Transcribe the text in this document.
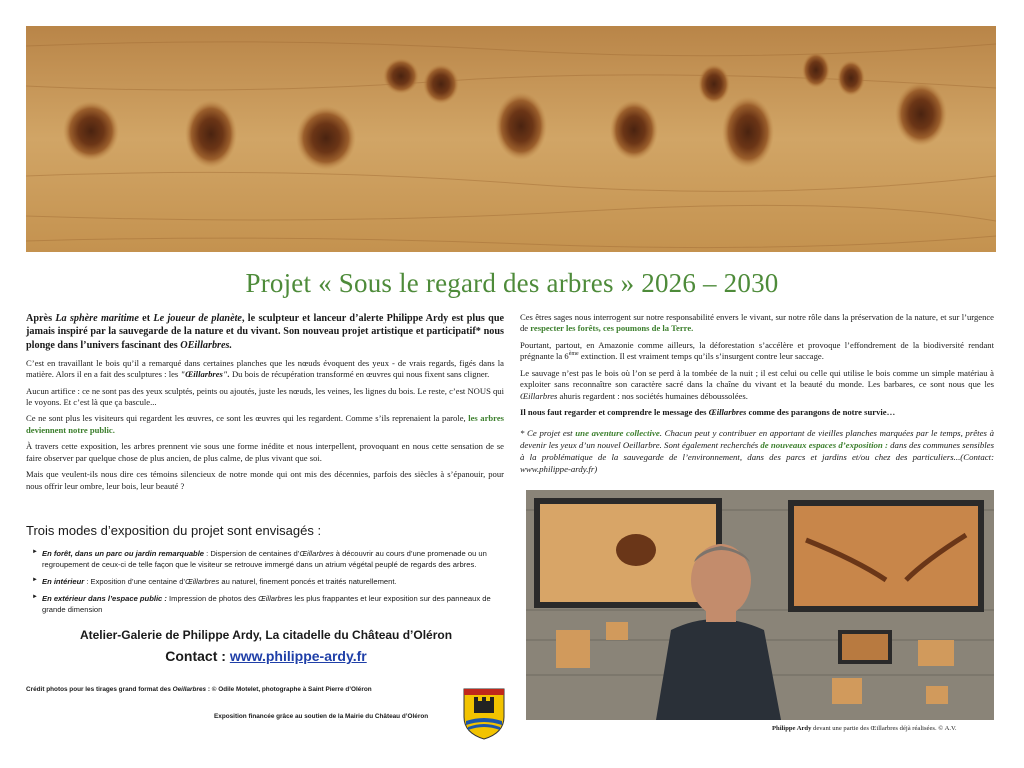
Projet « Sous le regard des arbres » 2026 – 2030

Après La sphère maritime et Le joueur de planète, le sculpteur et lanceur d’alerte Philippe Ardy est plus que jamais inspiré par la sauvegarde de la nature et du vivant. Son nouveau projet artistique et participatif* nous plonge dans l’univers fascinant des OEillarbres.

C’est en travaillant le bois qu’il a remarqué dans certaines planches que les nœuds évoquent des yeux - de vrais regards, figés dans la matière. Alors il en a fait des sculptures : les "Œillarbres". Du bois de récupération transformé en œuvres qui nous fixent sans cligner.

Aucun artifice : ce ne sont pas des yeux sculptés, peints ou ajoutés, juste les nœuds, les veines, les lignes du bois. Le reste, c’est NOUS qui le voyons. Et c’est là que ça bascule...

Ce ne sont plus les visiteurs qui regardent les œuvres, ce sont les œuvres qui les regardent. Comme s’ils reprenaient la parole, les arbres deviennent notre public.

À travers cette exposition, les arbres prennent vie sous une forme inédite et nous interpellent, provoquant en nous cette sensation de se faire observer par quelque chose de plus ancien, de plus calme, de plus vivant que soi.

Mais que veulent-ils nous dire ces témoins silencieux de notre monde qui ont mis des décennies, parfois des siècles à s’épanouir, pour nous offrir leur ombre, leur bois, leur beauté ?

Ces êtres sages nous interrogent sur notre responsabilité envers le vivant, sur notre rôle dans la préservation de la nature, et sur l’urgence de respecter les forêts, ces poumons de la Terre.

Pourtant, partout, en Amazonie comme ailleurs, la déforestation s’accélère et provoque l’effondrement de la biodiversité rendant prégnante la 6ème extinction. Il est vraiment temps qu’ils s’insurgent contre leur saccage.

Le sauvage n’est pas le bois où l’on se perd à la tombée de la nuit ; il est celui ou celle qui utilise le bois comme un simple matériau à exploiter sans reconnaître son caractère sacré dans la chaîne du vivant et la beauté du monde. Les barbares, ce sont nous que les Œillarbres ahuris regardent : nos sociétés humaines déboussolées.

Il nous faut regarder et comprendre le message des Œillarbres comme des parangons de notre survie…

* Ce projet est une aventure collective. Chacun peut y contribuer en apportant de vieilles planches marquées par le temps, prêtes à devenir les yeux d’un nouvel Oeillarbre. Sont également recherchés de nouveaux espaces d’exposition : dans des communes sensibles à la problématique de la sauvegarde de l’environnement, dans des parcs et jardins et/ou chez des particuliers...(Contact: www.philippe-ardy.fr)

Trois modes d’exposition du projet sont envisagés :
► En forêt, dans un parc ou jardin remarquable : Dispersion de centaines d’Œillarbres à découvrir au cours d’une promenade ou un regroupement de ceux-ci de telle façon que le visiteur se retrouve immergé dans un atrium végétal peuplé de regards des arbres.
► En intérieur : Exposition d’une centaine d’Œillarbres au naturel, finement poncés et traités naturellement.
► En extérieur dans l’espace public : Impression de photos des Œillarbres les plus frappantes et leur exposition sur des panneaux de grande dimension
Atelier-Galerie de Philippe Ardy, La citadelle du Château d’Oléron
Contact : www.philippe-ardy.fr
Crédit photos pour les tirages grand format des Oeillarbres : © Odile Motelet, photographe à Saint Pierre d’Oléron
Exposition financée grâce au soutien de la Mairie du Château d’Oléron
Philippe Ardy devant une partie des Œillarbres déjà réalisées. © A.V.
